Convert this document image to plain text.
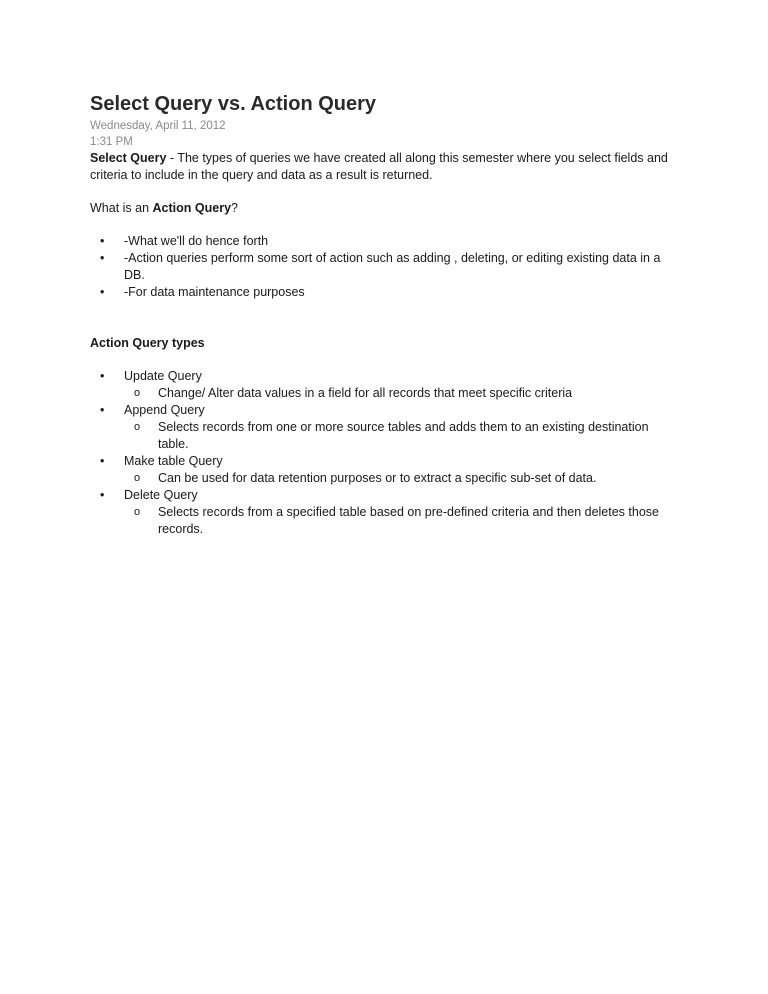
Select Query vs. Action Query
Wednesday, April 11, 2012
1:31 PM

Select Query - The types of queries we have created all along this semester where you select fields and criteria to include in the query and data as a result is returned.

What is an Action Query?

• -What we'll do hence forth
• -Action queries perform some sort of action such as adding , deleting, or editing existing data in a DB.
• -For data maintenance purposes
Action Query types
• Update Query
o Change/ Alter data values in a field for all records that meet specific criteria
• Append Query
o Selects records from one or more source tables and adds them to an existing destination table.
• Make table Query
o Can be used for data retention purposes or to extract a specific sub-set of data.
• Delete Query
o Selects records from a specified table based on pre-defined criteria and then deletes those records.
